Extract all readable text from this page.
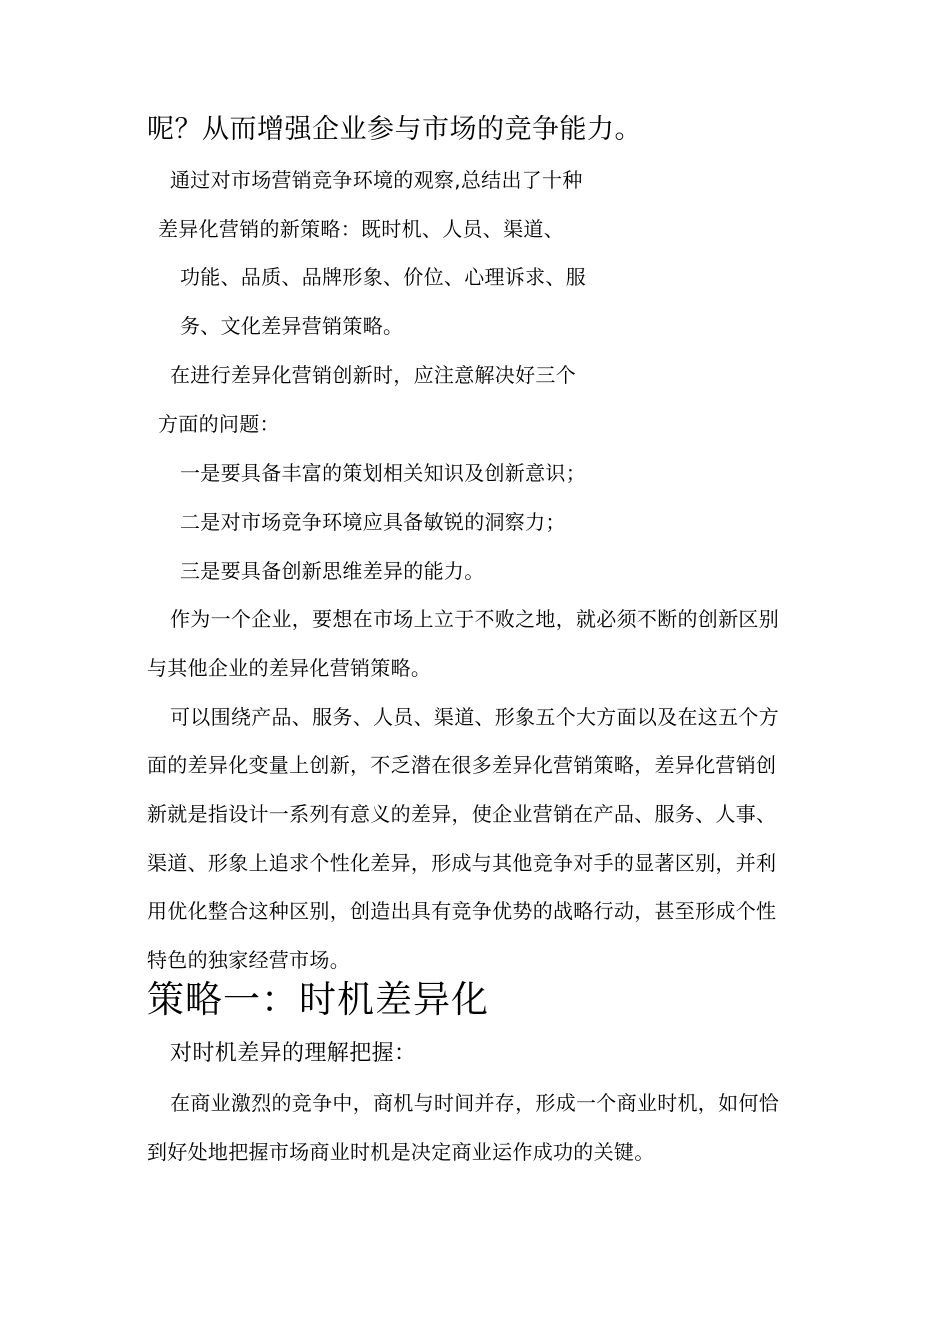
呢？从而增强企业参与市场的竞争能力。
通过对市场营销竞争环境的观察,总结出了十种
差异化营销的新策略：既时机、人员、渠道、
功能、品质、品牌形象、价位、心理诉求、服
务、文化差异营销策略。
在进行差异化营销创新时，应注意解决好三个
方面的问题：
一是要具备丰富的策划相关知识及创新意识；
二是对市场竞争环境应具备敏锐的洞察力；
三是要具备创新思维差异的能力。
作为一个企业，要想在市场上立于不败之地，就必须不断的创新区别
与其他企业的差异化营销策略。
可以围绕产品、服务、人员、渠道、形象五个大方面以及在这五个方
面的差异化变量上创新，不乏潜在很多差异化营销策略，差异化营销创
新就是指设计一系列有意义的差异，使企业营销在产品、服务、人事、
渠道、形象上追求个性化差异，形成与其他竞争对手的显著区别，并利
用优化整合这种区别，创造出具有竞争优势的战略行动，甚至形成个性
特色的独家经营市场。
策略一：时机差异化
对时机差异的理解把握：
在商业激烈的竞争中，商机与时间并存，形成一个商业时机，如何恰
到好处地把握市场商业时机是决定商业运作成功的关键。
